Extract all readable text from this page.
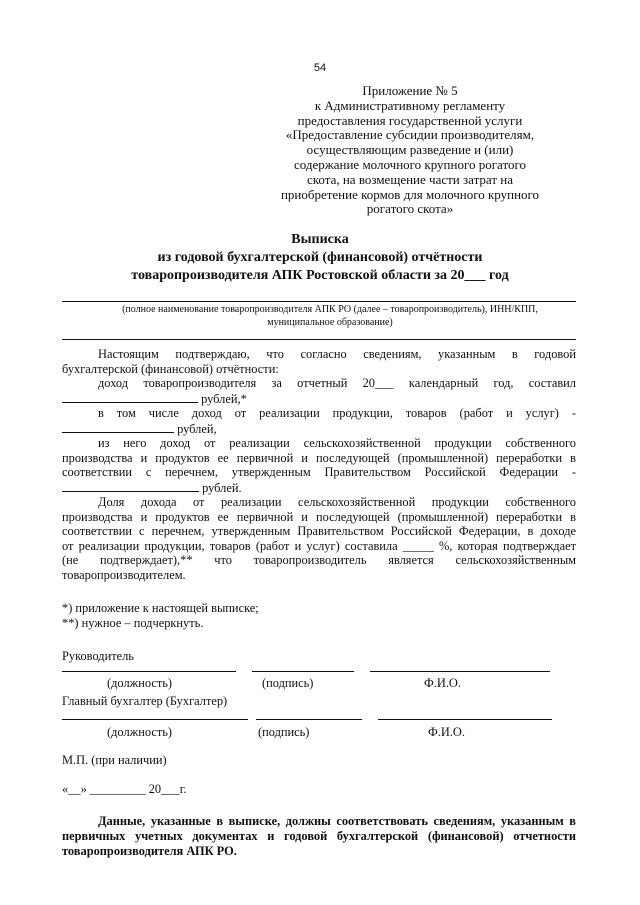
54
Приложение № 5
к Административному регламенту
предоставления государственной услуги
«Предоставление субсидии производителям,
осуществляющим разведение и (или)
содержание молочного крупного рогатого
скота, на возмещение части затрат на
приобретение кормов для молочного крупного
рогатого скота»
Выписка
из годовой бухгалтерской (финансовой) отчётности
товаропроизводителя АПК Ростовской области за 20___ год
(полное наименование товаропроизводителя АПК РО (далее – товаропроизводитель), ИНН/КПП,
муниципальное образование)

Настоящим подтверждаю, что согласно сведениям, указанным в годовой

бухгалтерской (финансовой) отчётности:

доход товаропроизводителя за отчетный 20___ календарный год, составил

рублей,*

в том числе доход от реализации продукции, товаров (работ и услуг) -

рублей,

из него доход от реализации сельскохозяйственной продукции собственного

производства и продуктов ее первичной и последующей (промышленной) переработки в

соответствии с перечнем, утвержденным Правительством Российской Федерации -

рублей.

Доля дохода от реализации сельскохозяйственной продукции собственного

производства и продуктов ее первичной и последующей (промышленной) переработки в

соответствии с перечнем, утвержденным Правительством Российской Федерации, в доходе

от реализации продукции, товаров (работ и услуг) составила _____ %, которая подтверждает

(не подтверждает),** что товаропроизводитель является сельскохозяйственным

товаропроизводителем.

*) приложение к настоящей выписке;
**) нужное – подчеркнуть.
Руководитель
(должность)	(подпись)	Ф.И.О.
Главный бухгалтер (Бухгалтер)
(должность)	(подпись)	Ф.И.О.
М.П. (при наличии)
«__» _________ 20___г.

Данные, указанные в выписке, должны соответствовать сведениям, указанным в

первичных учетных документах и годовой бухгалтерской (финансовой) отчетности

товаропроизводителя АПК РО.
